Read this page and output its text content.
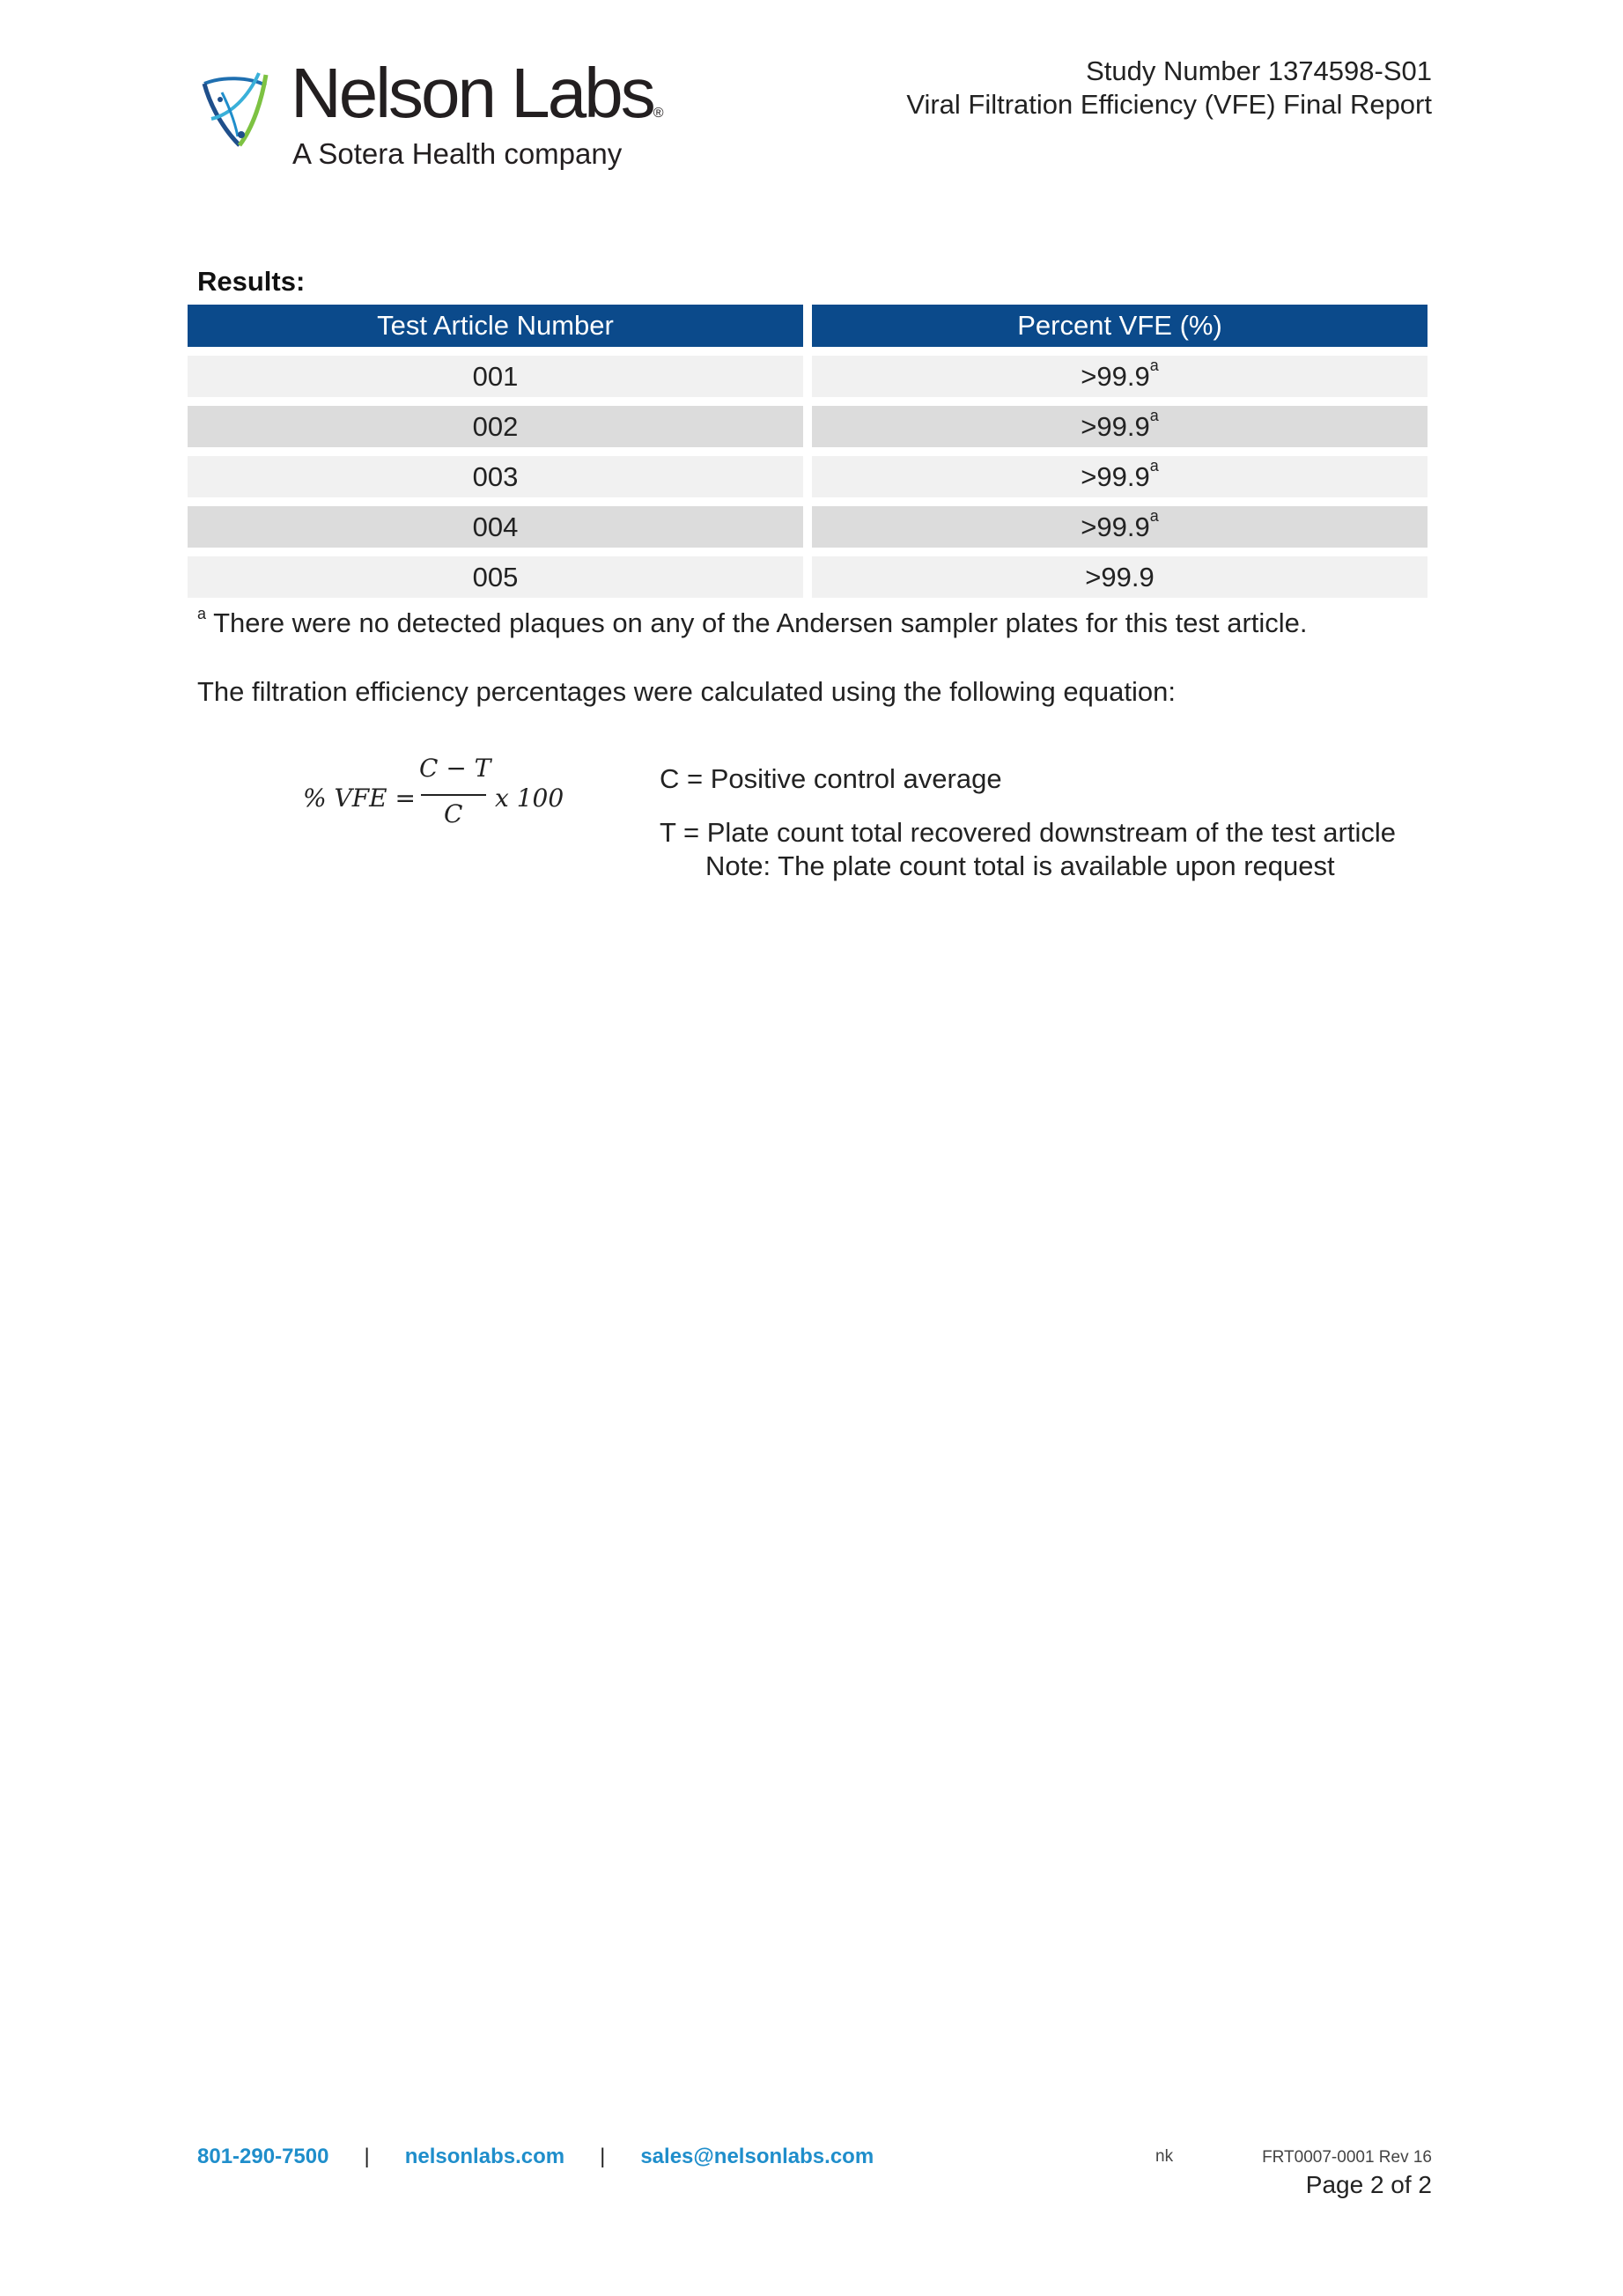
Nelson Labs®
A Sotera Health company
Study Number 1374598-S01
Viral Filtration Efficiency (VFE) Final Report
Results:
Test Article Number	Percent VFE (%)
001	>99.9$^a$
002	>99.9$^a$
003	>99.9$^a$
004	>99.9$^a$
005	>99.9
$^a$ There were no detected plaques on any of the Andersen sampler plates for this test article.
The filtration efficiency percentages were calculated using the following equation:
% VFE =
C − T
C
x 100
C = Positive control average
T = Plate count total recovered downstream of the test article
Note: The plate count total is available upon request
801-290-7500 | nelsonlabs.com | sales@nelsonlabs.com	nk	FRT0007-0001 Rev 16
Page 2 of 2
